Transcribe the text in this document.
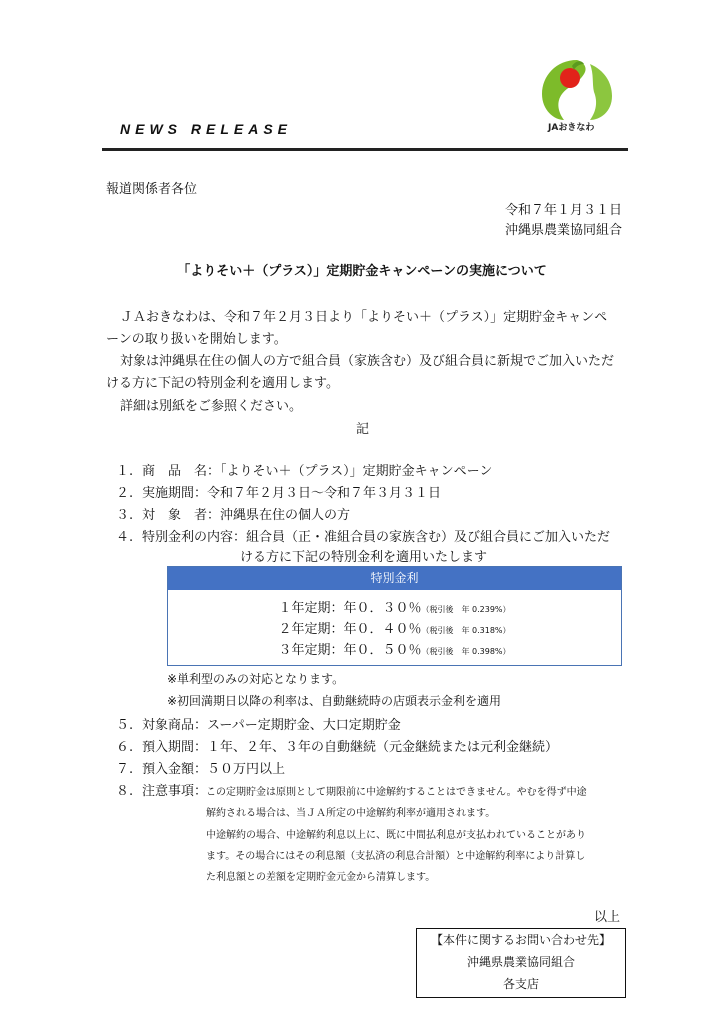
NEWS RELEASE	JAおきなわ
報道関係者各位
令和７年１月３１日
沖縄県農業協同組合
「よりそい＋（プラス）」定期貯金キャンペーンの実施について
ＪＡおきなわは、令和７年２月３日より「よりそい＋（プラス）」定期貯金キャンペ
ーンの取り扱いを開始します。
対象は沖縄県在住の個人の方で組合員（家族含む）及び組合員に新規でご加入いただ
ける方に下記の特別金利を適用します。
詳細は別紙をご参照ください。
記
１. 商　品　名：「よりそい＋（プラス）」定期貯金キャンペーン
２. 実施期間：令和７年２月３日～令和７年３月３１日
３. 対　象　者：沖縄県在住の個人の方
４. 特別金利の内容：組合員（正・准組合員の家族含む）及び組合員にご加入いただ
ける方に下記の特別金利を適用いたします
特別金利
１年定期：年０．３０％（税引後　年 0.239%）
２年定期：年０．４０％（税引後　年 0.318%）
３年定期：年０．５０％（税引後　年 0.398%）
※単利型のみの対応となります。
※初回満期日以降の利率は、自動継続時の店頭表示金利を適用
５. 対象商品：スーパー定期貯金、大口定期貯金
６. 預入期間：１年、２年、３年の自動継続（元金継続または元利金継続）
７. 預入金額：５０万円以上
８. 注意事項：
この定期貯金は原則として期限前に中途解約することはできません。やむを得ず中途
解約される場合は、当ＪＡ所定の中途解約利率が適用されます。
中途解約の場合、中途解約利息以上に、既に中間払利息が支払われていることがあり
ます。その場合にはその利息額（支払済の利息合計額）と中途解約利率により計算し
た利息額との差額を定期貯金元金から清算します。
以上
【本件に関するお問い合わせ先】
沖縄県農業協同組合
各支店
